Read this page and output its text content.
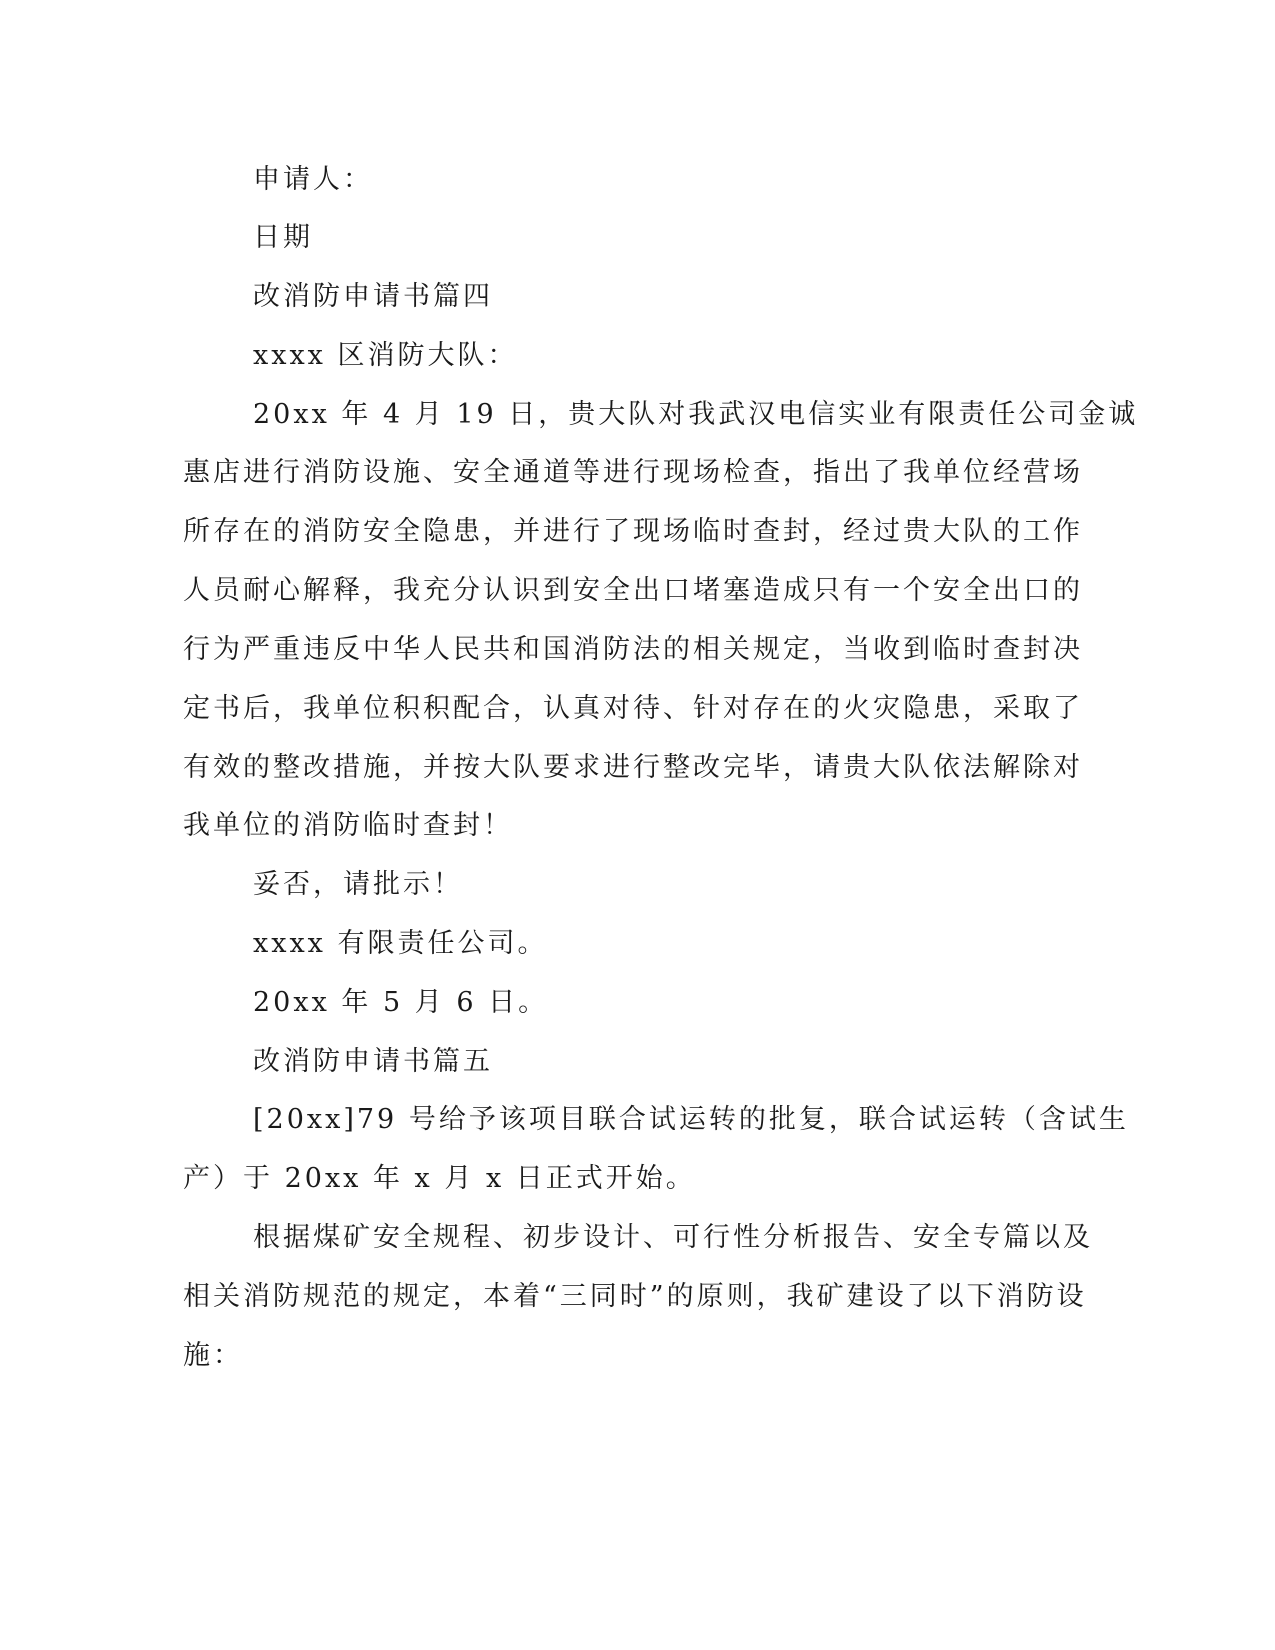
申请人：
日期
改消防申请书篇四
xxxx 区消防大队：
20xx 年 4 月 19 日，贵大队对我武汉电信实业有限责任公司金诚
惠店进行消防设施、安全通道等进行现场检查，指出了我单位经营场
所存在的消防安全隐患，并进行了现场临时查封，经过贵大队的工作
人员耐心解释，我充分认识到安全出口堵塞造成只有一个安全出口的
行为严重违反中华人民共和国消防法的相关规定，当收到临时查封决
定书后，我单位积积配合，认真对待、针对存在的火灾隐患，采取了
有效的整改措施，并按大队要求进行整改完毕，请贵大队依法解除对
我单位的消防临时查封！
妥否，请批示！
xxxx 有限责任公司。
20xx 年 5 月 6 日。
改消防申请书篇五
[20xx]79 号给予该项目联合试运转的批复，联合试运转（含试生
产）于 20xx 年 x 月 x 日正式开始。
根据煤矿安全规程、初步设计、可行性分析报告、安全专篇以及
相关消防规范的规定，本着“三同时”的原则，我矿建设了以下消防设
施：
